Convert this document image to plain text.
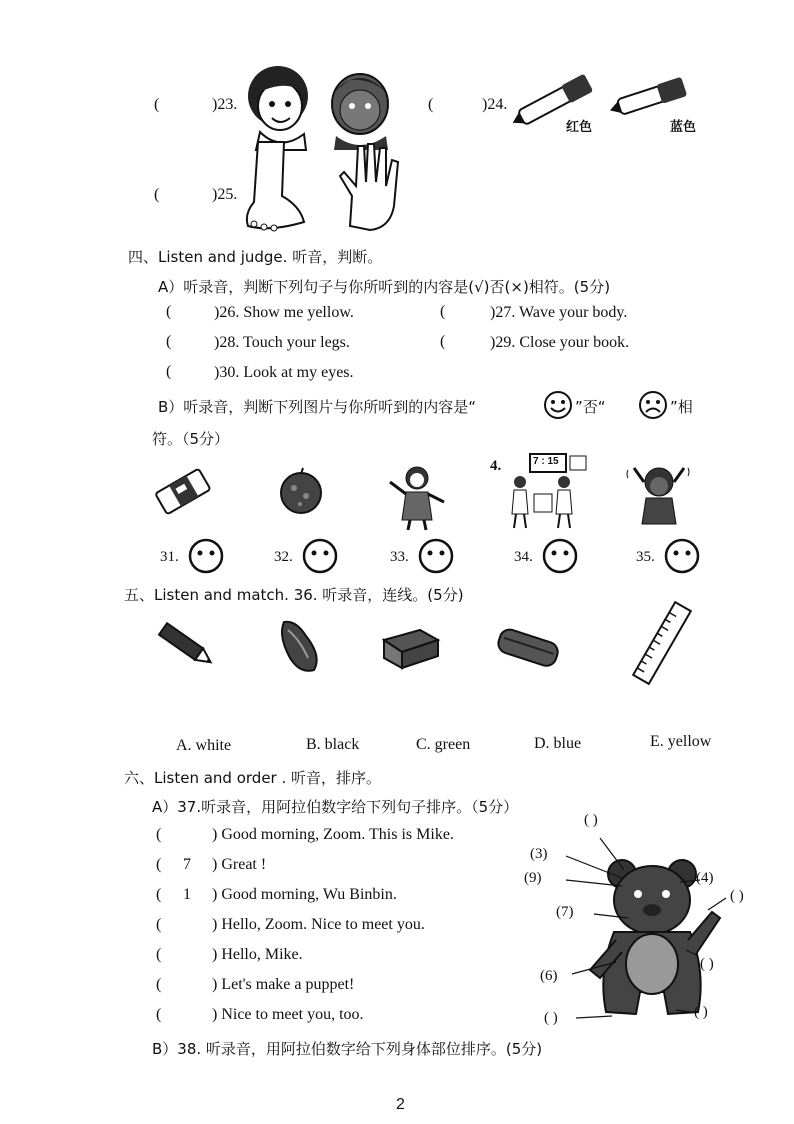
(	)23.	(	)24.
红色	蓝色
(	)25.
四、Listen and judge. 听音，判断。
A）听录音，判断下列句子与你所听到的内容是(√)否(×)相符。(5分)
(	)26. Show me yellow.	(	)27. Wave your body.
(	)28. Touch your legs.	(	)29. Close your book.
(	)30. Look at my eyes.
B）听录音，判断下列图片与你所听到的内容是“	”否“	”相
符。（5分）
4.	7 : 15
31.	32.	33.	34.	35.
五、Listen and match. 36. 听录音，连线。(5分)
A. white	B. black	C. green	D. blue	E. yellow
六、Listen and order . 听音，排序。
A）37.听录音，用阿拉伯数字给下列句子排序。（5分）
(	) Good morning, Zoom. This is Mike.
( 7 ) Great !
( 1 ) Good morning, Wu Binbin.
(	) Hello, Zoom. Nice to meet you.
(	) Hello, Mike.
(	) Let's make a puppet!
(	) Nice to meet you, too.
( )
(3)
(9)	(4)
( )
(7)
( )
(6)
( )	( )
B）38. 听录音，用阿拉伯数字给下列身体部位排序。(5分)
2
